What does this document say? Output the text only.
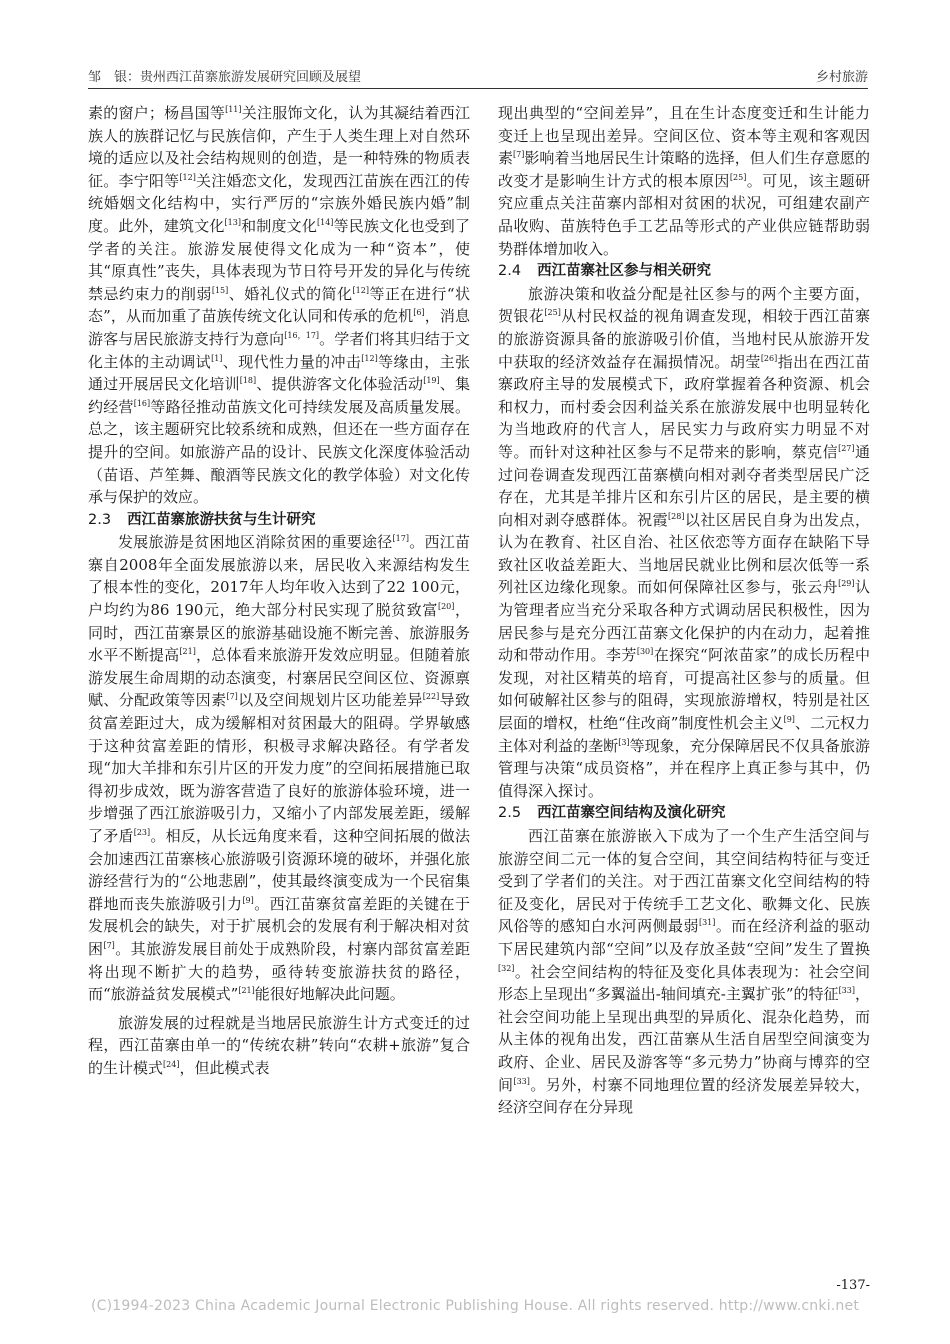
邹　银：贵州西江苗寨旅游发展研究回顾及展望	乡村旅游

素的窗户；杨昌国等[11]关注服饰文化，认为其凝结着西江族人的族群记忆与民族信仰，产生于人类生理上对自然环境的适应以及社会结构规则的创造，是一种特殊的物质表征。李宁阳等[12]关注婚恋文化，发现西江苗族在西江的传统婚姻文化结构中，实行严厉的“宗族外婚民族内婚”制度。此外，建筑文化[13]和制度文化[14]等民族文化也受到了学者的关注。旅游发展使得文化成为一种“资本”，使其“原真性”丧失，具体表现为节日符号开发的异化与传统禁忌约束力的削弱[15]、婚礼仪式的简化[12]等正在进行“状态”，从而加重了苗族传统文化认同和传承的危机[6]，消息游客与居民旅游支持行为意向[16，17]。学者们将其归结于文化主体的主动调试[1]、现代性力量的冲击[12]等缘由，主张通过开展居民文化培训[18]、提供游客文化体验活动[19]、集约经营[16]等路径推动苗族文化可持续发展及高质量发展。总之，该主题研究比较系统和成熟，但还在一些方面存在提升的空间。如旅游产品的设计、民族文化深度体验活动（苗语、芦笙舞、酿酒等民族文化的教学体验）对文化传承与保护的效应。

2.3 西江苗寨旅游扶贫与生计研究

发展旅游是贫困地区消除贫困的重要途径[17]。西江苗寨自2008年全面发展旅游以来，居民收入来源结构发生了根本性的变化，2017年人均年收入达到了22 100元，户均约为86 190元，绝大部分村民实现了脱贫致富[20]，同时，西江苗寨景区的旅游基础设施不断完善、旅游服务水平不断提高[21]，总体看来旅游开发效应明显。但随着旅游发展生命周期的动态演变，村寨居民空间区位、资源禀赋、分配政策等因素[7]以及空间规划片区功能差异[22]导致贫富差距过大，成为缓解相对贫困最大的阻碍。学界敏感于这种贫富差距的情形，积极寻求解决路径。有学者发现“加大羊排和东引片区的开发力度”的空间拓展措施已取得初步成效，既为游客营造了良好的旅游体验环境，进一步增强了西江旅游吸引力，又缩小了内部发展差距，缓解了矛盾[23]。相反，从长远角度来看，这种空间拓展的做法会加速西江苗寨核心旅游吸引资源环境的破坏，并强化旅游经营行为的“公地悲剧”，使其最终演变成为一个民宿集群地而丧失旅游吸引力[9]。西江苗寨贫富差距的关键在于发展机会的缺失，对于扩展机会的发展有利于解决相对贫困[7]。其旅游发展目前处于成熟阶段，村寨内部贫富差距将出现不断扩大的趋势，亟待转变旅游扶贫的路径，而“旅游益贫发展模式”[21]能很好地解决此问题。

旅游发展的过程就是当地居民旅游生计方式变迁的过程，西江苗寨由单一的“传统农耕”转向“农耕+旅游”复合的生计模式[24]，但此模式表

现出典型的“空间差异”，且在生计态度变迁和生计能力变迁上也呈现出差异。空间区位、资本等主观和客观因素[7]影响着当地居民生计策略的选择，但人们生存意愿的改变才是影响生计方式的根本原因[25]。可见，该主题研究应重点关注苗寨内部相对贫困的状况，可组建农副产品收购、苗族特色手工艺品等形式的产业供应链帮助弱势群体增加收入。

2.4 西江苗寨社区参与相关研究

旅游决策和收益分配是社区参与的两个主要方面，贺银花[25]从村民权益的视角调查发现，相较于西江苗寨的旅游资源具备的旅游吸引价值，当地村民从旅游开发中获取的经济效益存在漏损情况。胡莹[26]指出在西江苗寨政府主导的发展模式下，政府掌握着各种资源、机会和权力，而村委会因利益关系在旅游发展中也明显转化为当地政府的代言人，居民实力与政府实力明显不对等。而针对这种社区参与不足带来的影响，蔡克信[27]通过问卷调查发现西江苗寨横向相对剥夺者类型居民广泛存在，尤其是羊排片区和东引片区的居民，是主要的横向相对剥夺感群体。祝霞[28]以社区居民自身为出发点，认为在教育、社区自治、社区依恋等方面存在缺陷下导致社区收益差距大、当地居民就业比例和层次低等一系列社区边缘化现象。而如何保障社区参与，张云舟[29]认为管理者应当充分采取各种方式调动居民积极性，因为居民参与是充分西江苗寨文化保护的内在动力，起着推动和带动作用。李芳[30]在探究“阿浓苗家”的成长历程中发现，对社区精英的培育，可提高社区参与的质量。但如何破解社区参与的阻碍，实现旅游增权，特别是社区层面的增权，杜绝“住改商”制度性机会主义[9]、二元权力主体对利益的垄断[3]等现象，充分保障居民不仅具备旅游管理与决策“成员资格”，并在程序上真正参与其中，仍值得深入探讨。

2.5 西江苗寨空间结构及演化研究

西江苗寨在旅游嵌入下成为了一个生产生活空间与旅游空间二元一体的复合空间，其空间结构特征与变迁受到了学者们的关注。对于西江苗寨文化空间结构的特征及变化，居民对于传统手工艺文化、歌舞文化、民族风俗等的感知白水河两侧最弱[31]。而在经济利益的驱动下居民建筑内部“空间”以及存放圣鼓“空间”发生了置换[32]。社会空间结构的特征及变化具体表现为：社会空间形态上呈现出“多翼溢出-轴间填充-主翼扩张”的特征[33]，社会空间功能上呈现出典型的异质化、混杂化趋势，而从主体的视角出发，西江苗寨从生活自居型空间演变为政府、企业、居民及游客等“多元势力”协商与博弈的空间[33]。另外，村寨不同地理位置的经济发展差异较大，经济空间存在分异现

-137-
(C)1994-2023 China Academic Journal Electronic Publishing House. All rights reserved. http://www.cnki.net
